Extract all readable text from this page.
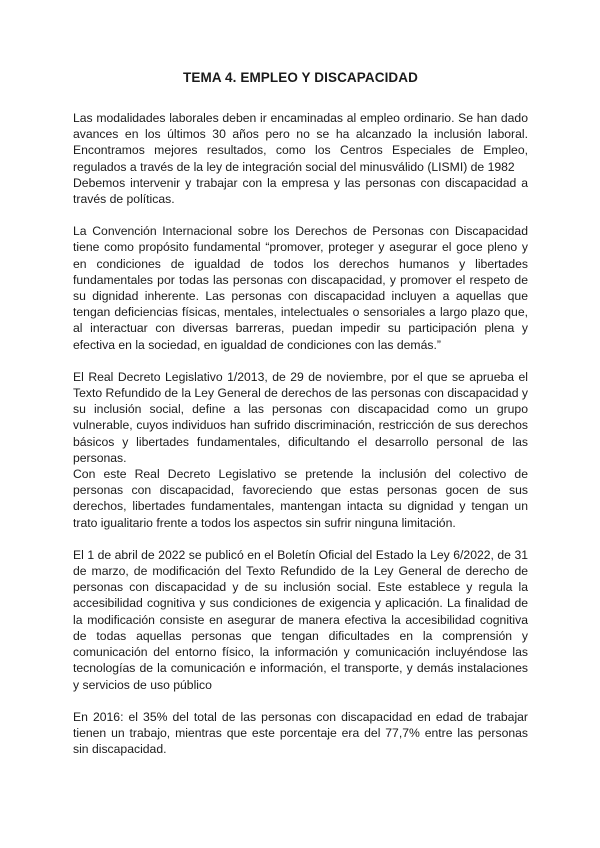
TEMA 4. EMPLEO Y DISCAPACIDAD

Las modalidades laborales deben ir encaminadas al empleo ordinario. Se han dado avances en los últimos 30 años pero no se ha alcanzado la inclusión laboral. Encontramos mejores resultados, como los Centros Especiales de Empleo, regulados a través de la ley de integración social del minusválido (LISMI) de 1982

Debemos intervenir y trabajar con la empresa y las personas con discapacidad a través de políticas.

La Convención Internacional sobre los Derechos de Personas con Discapacidad tiene como propósito fundamental “promover, proteger y asegurar el goce pleno y en condiciones de igualdad de todos los derechos humanos y libertades fundamentales por todas las personas con discapacidad, y promover el respeto de su dignidad inherente. Las personas con discapacidad incluyen a aquellas que tengan deficiencias físicas, mentales, intelectuales o sensoriales a largo plazo que, al interactuar con diversas barreras, puedan impedir su participación plena y efectiva en la sociedad, en igualdad de condiciones con las demás.”

El Real Decreto Legislativo 1/2013, de 29 de noviembre, por el que se aprueba el Texto Refundido de la Ley General de derechos de las personas con discapacidad y su inclusión social, define a las personas con discapacidad como un grupo vulnerable, cuyos individuos han sufrido discriminación, restricción de sus derechos básicos y libertades fundamentales, dificultando el desarrollo personal de las personas.

Con este Real Decreto Legislativo se pretende la inclusión del colectivo de personas con discapacidad, favoreciendo que estas personas gocen de sus derechos, libertades fundamentales, mantengan intacta su dignidad y tengan un trato igualitario frente a todos los aspectos sin sufrir ninguna limitación.

El 1 de abril de 2022 se publicó en el Boletín Oficial del Estado la Ley 6/2022, de 31 de marzo, de modificación del Texto Refundido de la Ley General de derecho de personas con discapacidad y de su inclusión social. Este establece y regula la accesibilidad cognitiva y sus condiciones de exigencia y aplicación. La finalidad de la modificación consiste en asegurar de manera efectiva la accesibilidad cognitiva de todas aquellas personas que tengan dificultades en la comprensión y comunicación del entorno físico, la información y comunicación incluyéndose las tecnologías de la comunicación e información, el transporte, y demás instalaciones y servicios de uso público

En 2016: el 35% del total de las personas con discapacidad en edad de trabajar tienen un trabajo, mientras que este porcentaje era del 77,7% entre las personas sin discapacidad.
